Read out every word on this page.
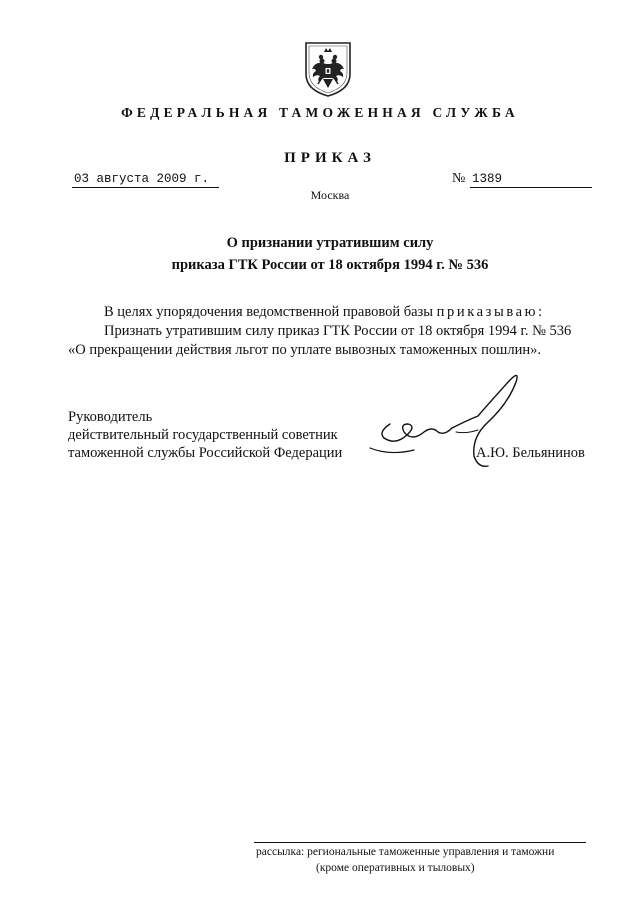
ФЕДЕРАЛЬНАЯ ТАМОЖЕННАЯ СЛУЖБА
ПРИКАЗ
03 августа 2009 г.	№ 1389
Москва
О признании утратившим силу
приказа ГТК России от 18 октября 1994 г. № 536
В целях упорядочения ведомственной правовой базы приказываю:
Признать утратившим силу приказ ГТК России от 18 октября 1994 г. № 536
«О прекращении действия льгот по уплате вывозных таможенных пошлин».
Руководитель
действительный государственный советник
таможенной службы Российской Федерации	А.Ю. Бельянинов
рассылка: региональные таможенные управления и таможни
(кроме оперативных и тыловых)
